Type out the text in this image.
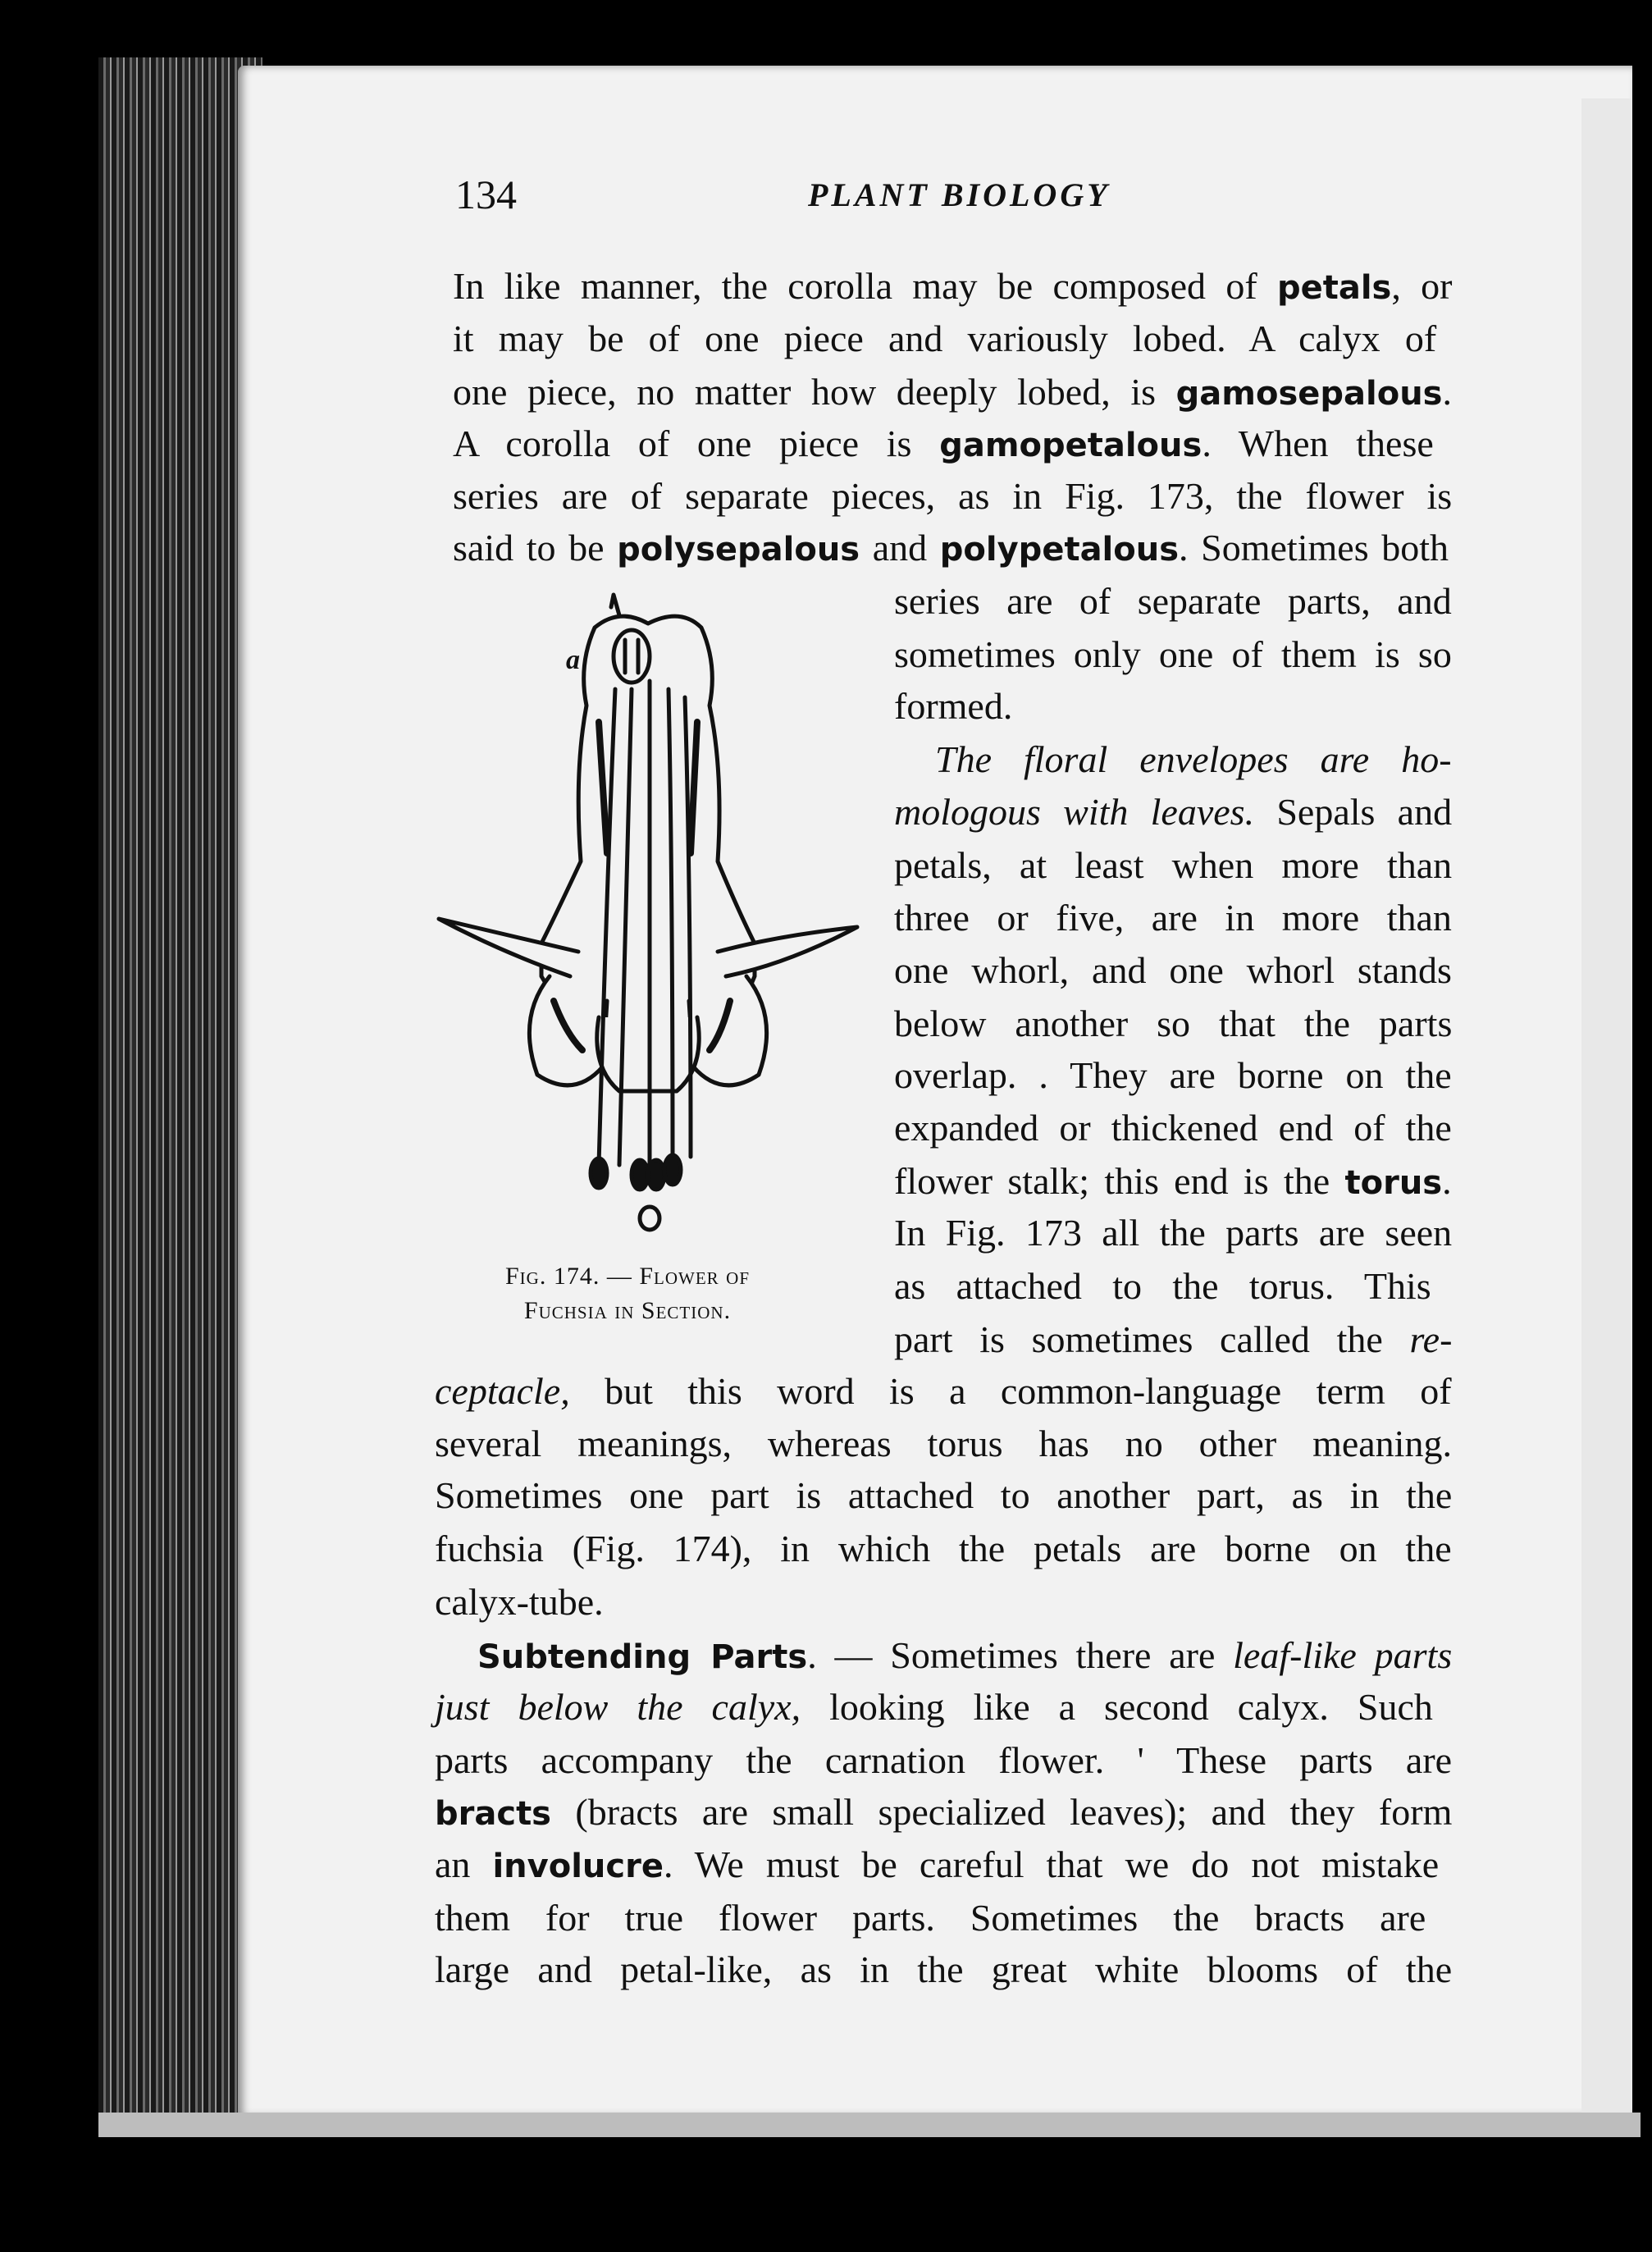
134	PLANT BIOLOGY
In like manner, the corolla may be composed of petals, or
it may be of one piece and variously lobed. A calyx of
one piece, no matter how deeply lobed, is gamosepalous.
A corolla of one piece is gamopetalous. When these
series are of separate pieces, as in Fig. 173, the flower is
said to be polysepalous and polypetalous. Sometimes both
series are of separate parts, and
sometimes only one of them is so
formed.
The floral envelopes are ho-
mologous with leaves. Sepals and
petals, at least when more than
three or five, are in more than
one whorl, and one whorl stands
below another so that the parts
overlap. . They are borne on the
expanded or thickened end of the
flower stalk; this end is the torus.
In Fig. 173 all the parts are seen
as attached to the torus. This
part is sometimes called the re-
ceptacle, but this word is a common-language term of
several meanings, whereas torus has no other meaning.
Sometimes one part is attached to another part, as in the
fuchsia (Fig. 174), in which the petals are borne on the
calyx-tube.
Subtending Parts. — Sometimes there are leaf-like parts
just below the calyx, looking like a second calyx. Such
parts accompany the carnation flower. ' These parts are
bracts (bracts are small specialized leaves); and they form
an involucre. We must be careful that we do not mistake
them for true flower parts. Sometimes the bracts are
large and petal-like, as in the great white blooms of the
a
Fig. 174. — Flower of
Fuchsia in Section.
